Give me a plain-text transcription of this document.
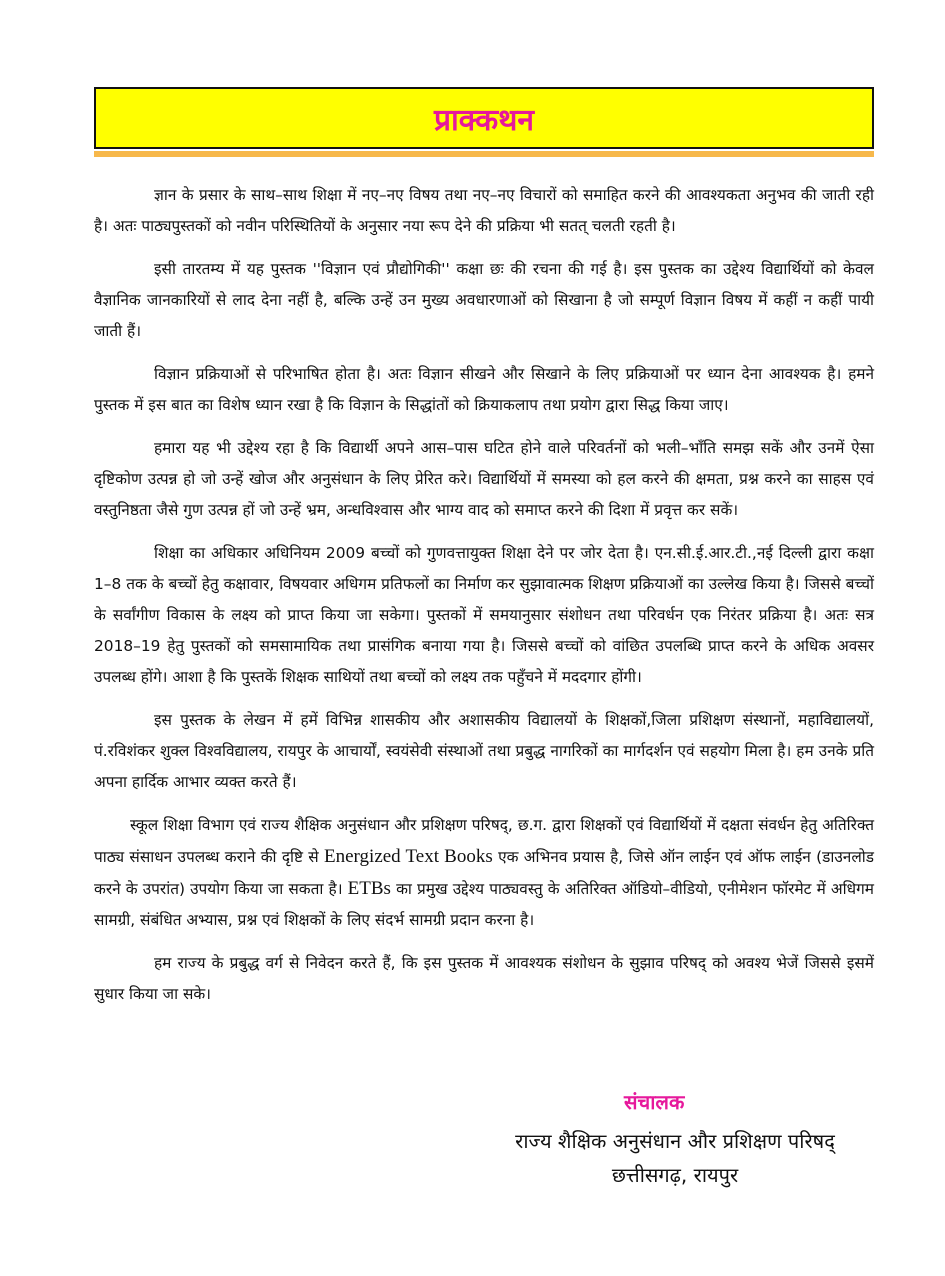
प्राक्कथन

ज्ञान के प्रसार के साथ–साथ शिक्षा में नए–नए विषय तथा नए–नए विचारों को समाहित करने की आवश्यकता अनुभव की जाती रही है। अतः पाठ्यपुस्तकों को नवीन परिस्थितियों के अनुसार नया रूप देने की प्रक्रिया भी सतत् चलती रहती है।

इसी तारतम्य में यह पुस्तक ''विज्ञान एवं प्रौद्योगिकी'' कक्षा छः की रचना की गई है। इस पुस्तक का उद्देश्य विद्यार्थियों को केवल वैज्ञानिक जानकारियों से लाद देना नहीं है, बल्कि उन्हें उन मुख्य अवधारणाओं को सिखाना है जो सम्पूर्ण विज्ञान विषय में कहीं न कहीं पायी जाती हैं।

विज्ञान प्रक्रियाओं से परिभाषित होता है। अतः विज्ञान सीखने और सिखाने के लिए प्रक्रियाओं पर ध्यान देना आवश्यक है। हमने पुस्तक में इस बात का विशेष ध्यान रखा है कि विज्ञान के सिद्धांतों को क्रियाकलाप तथा प्रयोग द्वारा सिद्ध किया जाए।

हमारा यह भी उद्देश्य रहा है कि विद्यार्थी अपने आस–पास घटित होने वाले परिवर्तनों को भली–भाँति समझ सकें और उनमें ऐसा दृष्टिकोण उत्पन्न हो जो उन्हें खोज और अनुसंधान के लिए प्रेरित करे। विद्यार्थियों में समस्या को हल करने की क्षमता, प्रश्न करने का साहस एवं वस्तुनिष्ठता जैसे गुण उत्पन्न हों जो उन्हें भ्रम, अन्धविश्वास और भाग्य वाद को समाप्त करने की दिशा में प्रवृत्त कर सकें।

शिक्षा का अधिकार अधिनियम 2009 बच्चों को गुणवत्तायुक्त शिक्षा देने पर जोर देता है। एन.सी.ई.आर.टी.,नई दिल्ली द्वारा कक्षा 1–8 तक के बच्चों हेतु कक्षावार, विषयवार अधिगम प्रतिफलों का निर्माण कर सुझावात्मक शिक्षण प्रक्रियाओं का उल्लेख किया है। जिससे बच्चों के सर्वांगीण विकास के लक्ष्य को प्राप्त किया जा सकेगा। पुस्तकों में समयानुसार संशोधन तथा परिवर्धन एक निरंतर प्रक्रिया है। अतः सत्र 2018–19 हेतु पुस्तकों को समसामायिक तथा प्रासंगिक बनाया गया है। जिससे बच्चों को वांछित उपलब्धि प्राप्त करने के अधिक अवसर उपलब्ध होंगे। आशा है कि पुस्तकें शिक्षक साथियों तथा बच्चों को लक्ष्य तक पहुँचने में मददगार होंगी।

इस पुस्तक के लेखन में हमें विभिन्न शासकीय और अशासकीय विद्यालयों के शिक्षकों,जिला प्रशिक्षण संस्थानों, महाविद्यालयों, पं.रविशंकर शुक्ल विश्वविद्यालय, रायपुर के आचार्यों, स्वयंसेवी संस्थाओं तथा प्रबुद्ध नागरिकों का मार्गदर्शन एवं सहयोग मिला है। हम उनके प्रति अपना हार्दिक आभार व्यक्त करते हैं।

स्कूल शिक्षा विभाग एवं राज्य शैक्षिक अनुसंधान और प्रशिक्षण परिषद्, छ.ग. द्वारा शिक्षकों एवं विद्यार्थियों में दक्षता संवर्धन हेतु अतिरिक्त पाठ्य संसाधन उपलब्ध कराने की दृष्टि से Energized Text Books एक अभिनव प्रयास है, जिसे ऑन लाईन एवं ऑफ लाईन (डाउनलोड करने के उपरांत) उपयोग किया जा सकता है। ETBs का प्रमुख उद्देश्य पाठ्यवस्तु के अतिरिक्त ऑडियो–वीडियो, एनीमेशन फॉरमेट में अधिगम सामग्री, संबंधित अभ्यास, प्रश्न एवं शिक्षकों के लिए संदर्भ सामग्री प्रदान करना है।

हम राज्य के प्रबुद्ध वर्ग से निवेदन करते हैं, कि इस पुस्तक में आवश्यक संशोधन के सुझाव परिषद् को अवश्य भेजें जिससे इसमें सुधार किया जा सके।

संचालक
राज्य शैक्षिक अनुसंधान और प्रशिक्षण परिषद्
छत्तीसगढ़, रायपुर
